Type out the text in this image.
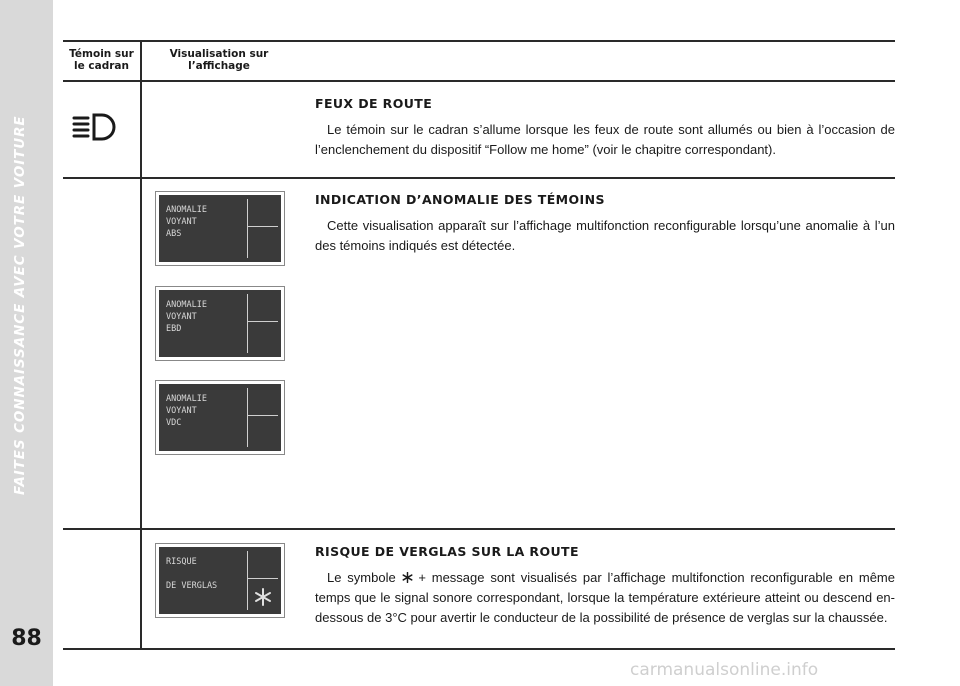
FAITES CONNAISSANCE AVEC VOTRE VOITURE
88
Témoin sur
le cadran
Visualisation sur
l’affichage
FEUX DE ROUTE
Le témoin sur le cadran s’allume lorsque les feux de route sont allumés ou bien à l’occasion de l’enclenchement du dispositif “Follow me home” (voir le chapitre correspondant).
INDICATION D’ANOMALIE DES TÉMOINS
Cette visualisation apparaît sur l’affichage multifonction reconfigurable lorsqu’une anomalie à l’un des témoins indiqués est détectée.
ANOMALIE
VOYANT
ABS
ANOMALIE
VOYANT
EBD
ANOMALIE
VOYANT
VDC
RISQUE

DE VERGLAS
RISQUE DE VERGLAS SUR LA ROUTE
Le symbole + message sont visualisés par l’affichage multifonction reconfigurable en même temps que le signal sonore correspondant, lorsque la température extérieure atteint ou descend en-dessous de 3°C pour avertir le conducteur de la possibilité de présence de verglas sur la chaussée.
carmanualsonline.info
